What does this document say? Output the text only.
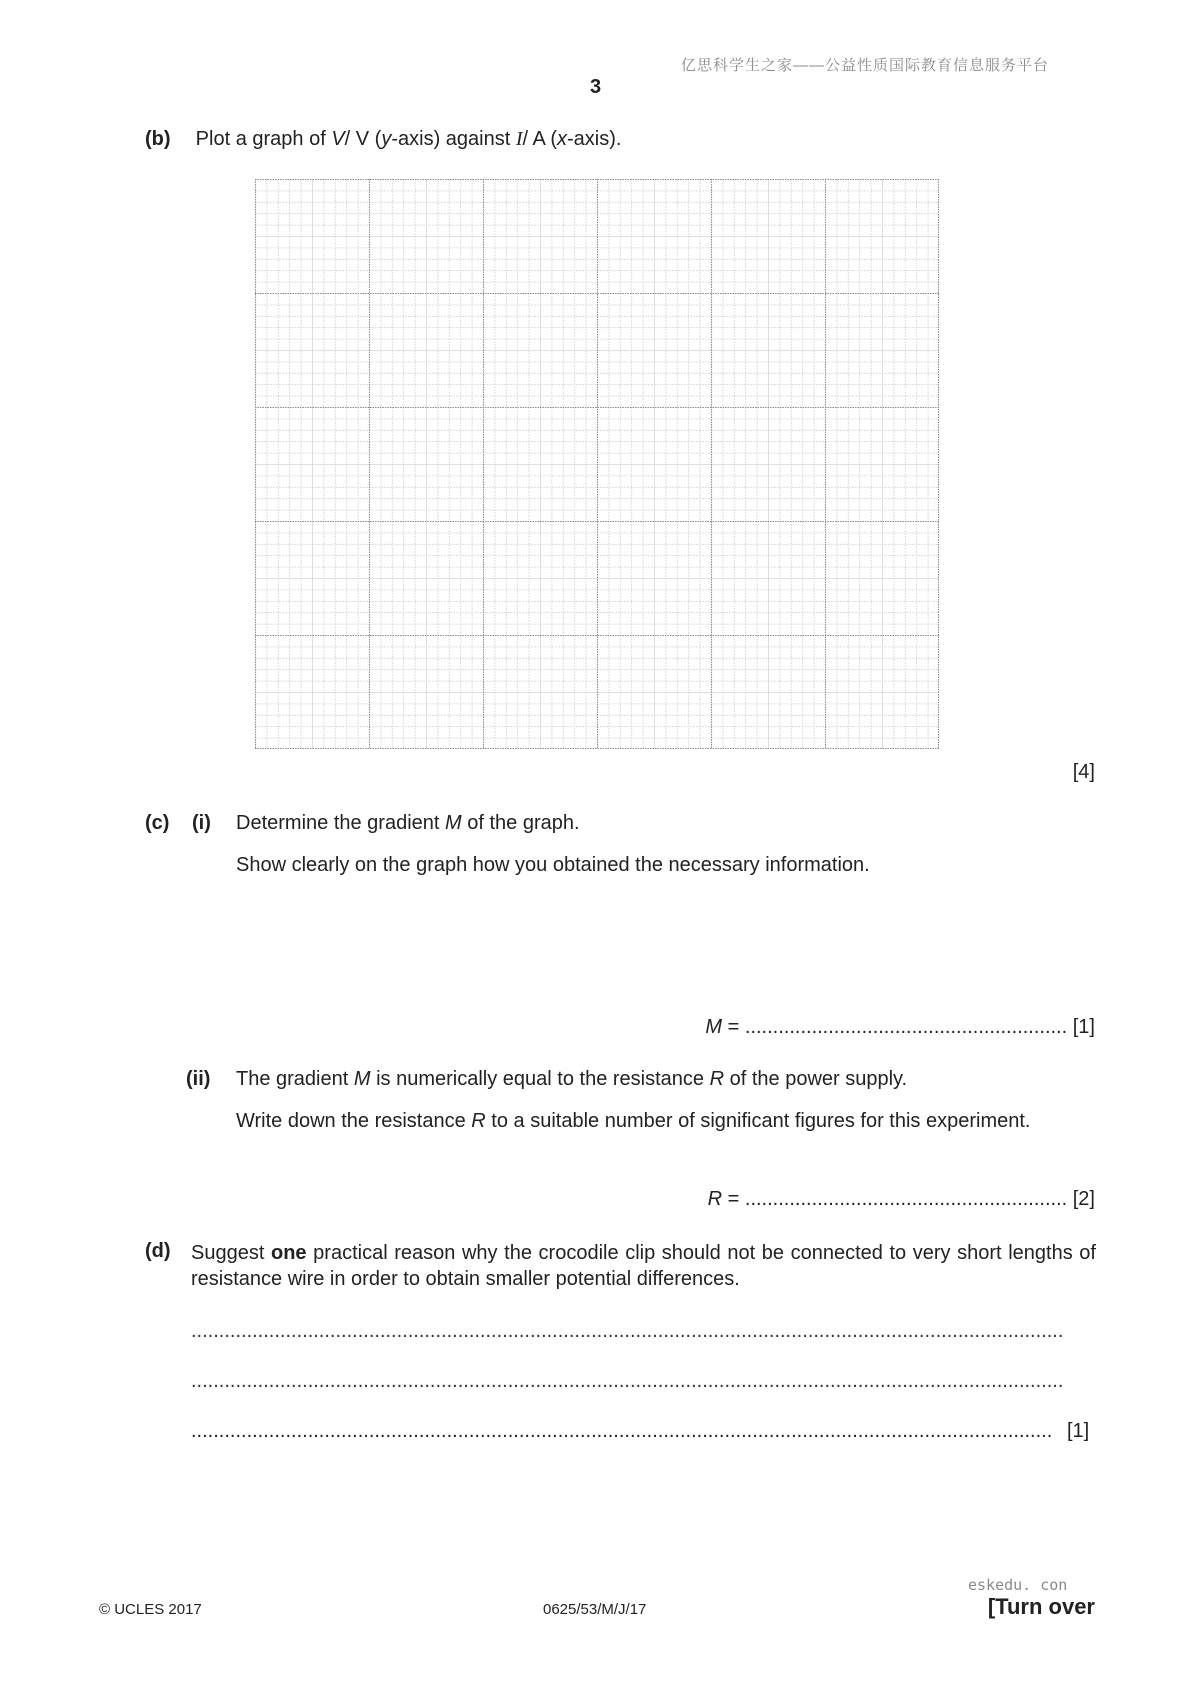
亿思科学生之家——公益性质国际教育信息服务平台
3
(b) Plot a graph of V/ V (y-axis) against I/ A (x-axis).
[4]
(c) (i) Determine the gradient M of the graph.
Show clearly on the graph how you obtained the necessary information.
M = .......................................................... [1]
(ii) The gradient M is numerically equal to the resistance R of the power supply.
Write down the resistance R to a suitable number of significant figures for this experiment.
R = .......................................................... [2]
(d) Suggest one practical reason why the crocodile clip should not be connected to very short lengths of resistance wire in order to obtain smaller potential differences.
.............................................................................................................................................................
.............................................................................................................................................................
........................................................................................................................................................... [1]
© UCLES 2017	0625/53/M/J/17
eskedu. con
[Turn over
